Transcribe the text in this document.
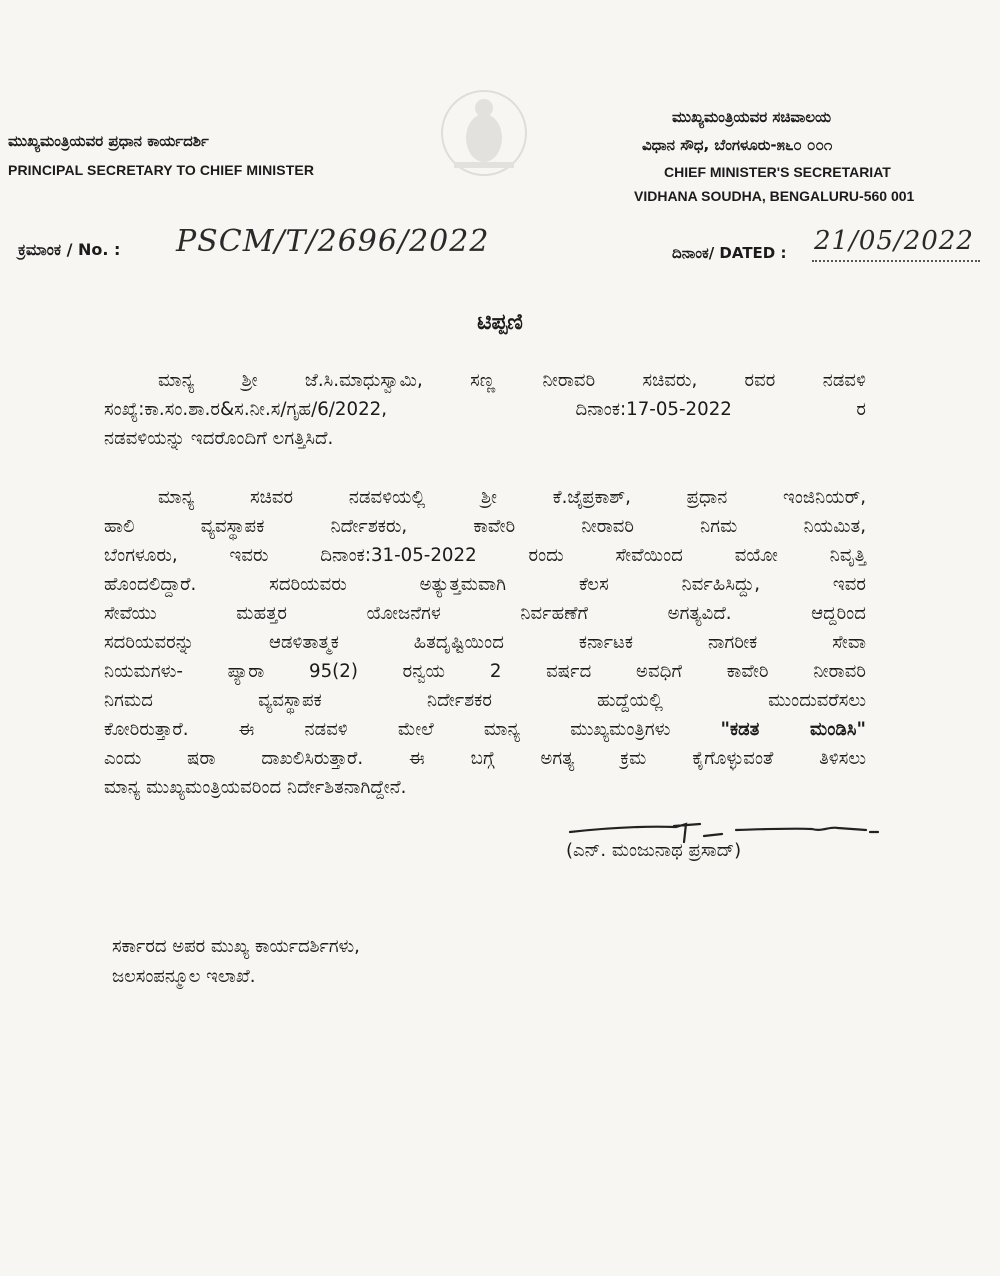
ಮುಖ್ಯಮಂತ್ರಿಯವರ ಪ್ರಧಾನ ಕಾರ್ಯದರ್ಶಿ
PRINCIPAL SECRETARY TO CHIEF MINISTER
ಮುಖ್ಯಮಂತ್ರಿಯವರ ಸಚಿವಾಲಯ
ವಿಧಾನ ಸೌಧ, ಬೆಂಗಳೂರು-೫೬೦ ೦೦೧
CHIEF MINISTER'S SECRETARIAT
VIDHANA SOUDHA, BENGALURU-560 001
ಕ್ರಮಾಂಕ / No. : PSCM/T/2696/2022	ದಿನಾಂಕ/ DATED : 21/05/2022
ಟಿಪ್ಪಣಿ
ಮಾನ್ಯ ಶ್ರೀ ಜೆ.ಸಿ.ಮಾಧುಸ್ವಾಮಿ, ಸಣ್ಣ ನೀರಾವರಿ ಸಚಿವರು, ರವರ ನಡವಳಿ
ಸಂಖ್ಯೆ:ಕಾ.ಸಂ.ಶಾ.ರ&ಸ.ನೀ.ಸ/ಗೃಹ/6/2022,	ದಿನಾಂಕ:17-05-2022	ರ
ನಡವಳಿಯನ್ನು ಇದರೊಂದಿಗೆ ಲಗತ್ತಿಸಿದೆ.
ಮಾನ್ಯ ಸಚಿವರ ನಡವಳಿಯಲ್ಲಿ ಶ್ರೀ ಕೆ.ಜೈಪ್ರಕಾಶ್, ಪ್ರಧಾನ ಇಂಜಿನಿಯರ್,
ಹಾಲಿ ವ್ಯವಸ್ಥಾಪಕ ನಿರ್ದೇಶಕರು, ಕಾವೇರಿ ನೀರಾವರಿ ನಿಗಮ ನಿಯಮಿತ,
ಬೆಂಗಳೂರು, ಇವರು ದಿನಾಂಕ:31-05-2022 ರಂದು ಸೇವೆಯಿಂದ ವಯೋ ನಿವೃತ್ತಿ
ಹೊಂದಲಿದ್ದಾರೆ. ಸದರಿಯವರು ಅತ್ಯುತ್ತಮವಾಗಿ ಕೆಲಸ ನಿರ್ವಹಿಸಿದ್ದು, ಇವರ
ಸೇವೆಯು ಮಹತ್ತರ ಯೋಜನೆಗಳ ನಿರ್ವಹಣೆಗೆ ಅಗತ್ಯವಿದೆ. ಆದ್ದರಿಂದ
ಸದರಿಯವರನ್ನು ಆಡಳಿತಾತ್ಮಕ ಹಿತದೃಷ್ಟಿಯಿಂದ ಕರ್ನಾಟಕ ನಾಗರೀಕ ಸೇವಾ
ನಿಯಮಗಳು- ಪ್ಯಾರಾ 95(2) ರನ್ವಯ 2 ವರ್ಷದ ಅವಧಿಗೆ ಕಾವೇರಿ ನೀರಾವರಿ
ನಿಗಮದ ವ್ಯವಸ್ಥಾಪಕ ನಿರ್ದೇಶಕರ ಹುದ್ದೆಯಲ್ಲಿ ಮುಂದುವರೆಸಲು
ಕೋರಿರುತ್ತಾರೆ. ಈ ನಡವಳಿ ಮೇಲೆ ಮಾನ್ಯ ಮುಖ್ಯಮಂತ್ರಿಗಳು "ಕಡತ ಮಂಡಿಸಿ"
ಎಂದು ಷರಾ ದಾಖಲಿಸಿರುತ್ತಾರೆ. ಈ ಬಗ್ಗೆ ಅಗತ್ಯ ಕ್ರಮ ಕೈಗೊಳ್ಳುವಂತೆ ತಿಳಿಸಲು
ಮಾನ್ಯ ಮುಖ್ಯಮಂತ್ರಿಯವರಿಂದ ನಿರ್ದೇಶಿತನಾಗಿದ್ದೇನೆ.
(ಎನ್. ಮಂಜುನಾಥ ಪ್ರಸಾದ್)
ಸರ್ಕಾರದ ಅಪರ ಮುಖ್ಯ ಕಾರ್ಯದರ್ಶಿಗಳು,
ಜಲಸಂಪನ್ಮೂಲ ಇಲಾಖೆ.
